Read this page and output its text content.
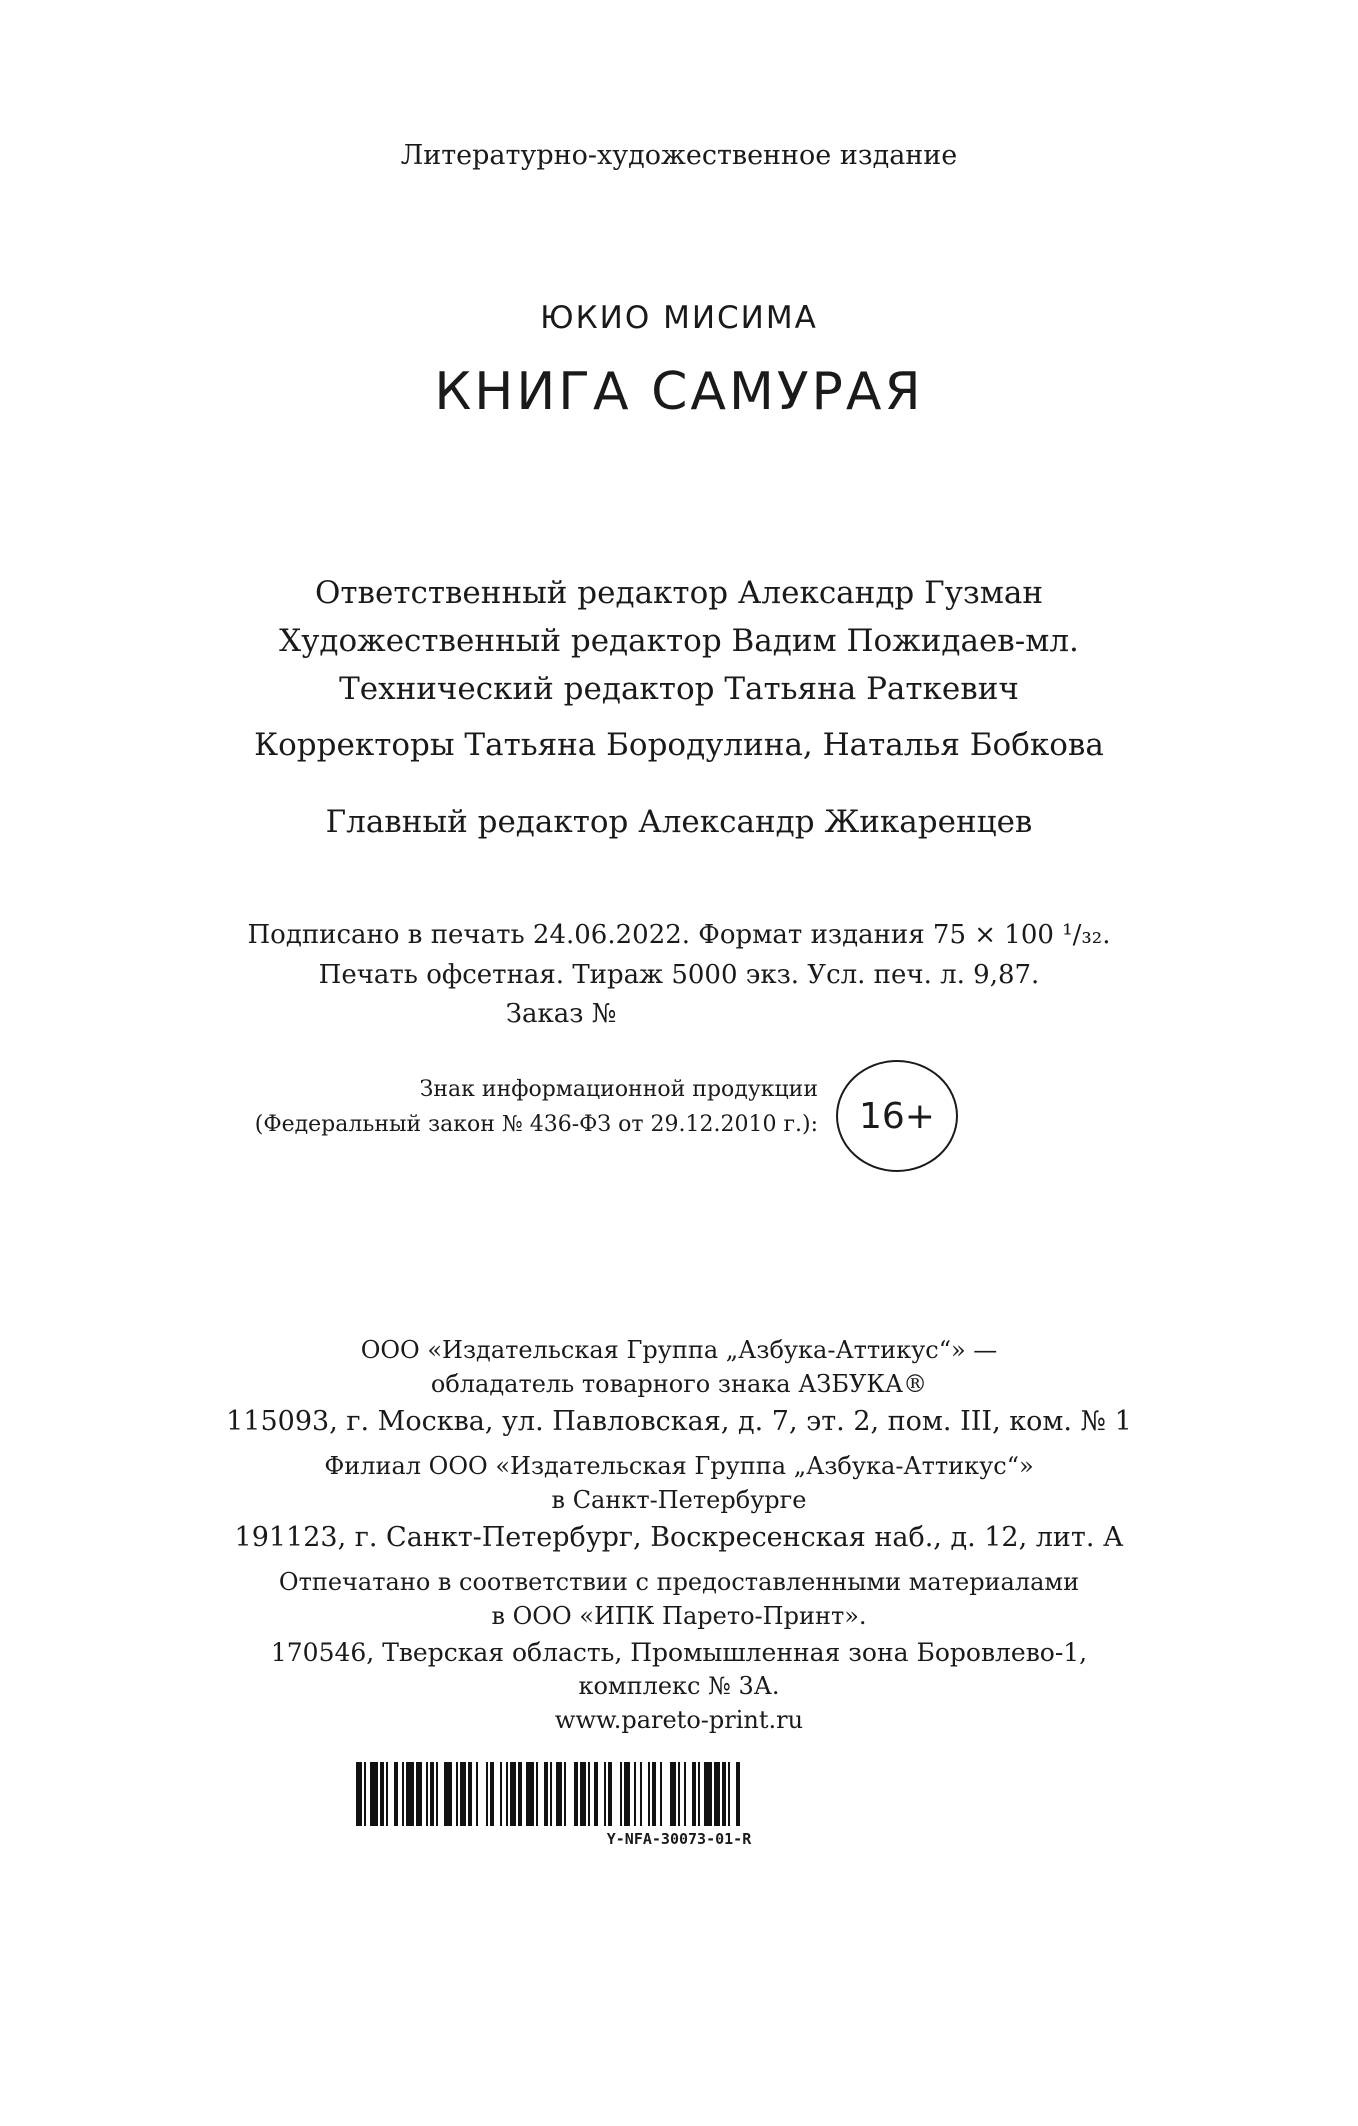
Литературно-художественное издание
ЮКИО МИСИМА
КНИГА САМУРАЯ
Ответственный редактор Александр Гузман
Художественный редактор Вадим Пожидаев-мл.
Технический редактор Татьяна Раткевич
Корректоры Татьяна Бородулина, Наталья Бобкова
Главный редактор Александр Жикаренцев
Подписано в печать 24.06.2022. Формат издания 75 × 100 ¹/₃₂.
Печать офсетная. Тираж 5000 экз. Усл. печ. л. 9,87.
Заказ №
Знак информационной продукции
(Федеральный закон № 436-ФЗ от 29.12.2010 г.):	16+
ООО «Издательская Группа „Азбука-Аттикус“» —
обладатель товарного знака АЗБУКА®
115093, г. Москва, ул. Павловская, д. 7, эт. 2, пом. III, ком. № 1
Филиал ООО «Издательская Группа „Азбука-Аттикус“»
в Санкт-Петербурге
191123, г. Санкт-Петербург, Воскресенская наб., д. 12, лит. А
Отпечатано в соответствии с предоставленными материалами
в ООО «ИПК Парето-Принт».
170546, Тверская область, Промышленная зона Боровлево-1,
комплекс № 3А.
www.pareto-print.ru
Y-NFA-30073-01-R
